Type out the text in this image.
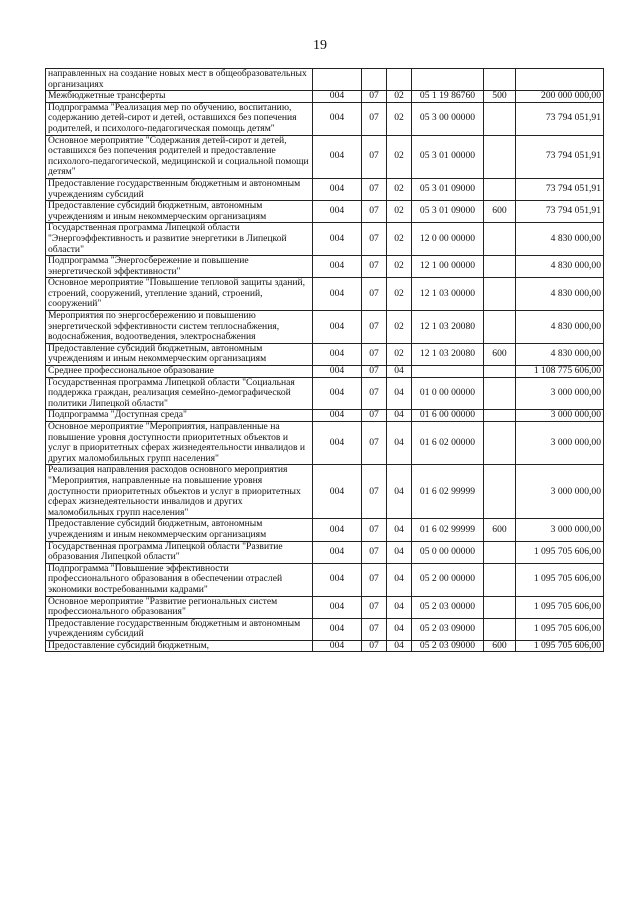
19
направленных на создание новых мест в общеобразовательных организациях						
Межбюджетные трансферты	004	07	02	05 1 19 86760	500	200 000 000,00
Подпрограмма "Реализация мер по обучению, воспитанию, содержанию детей-сирот и детей, оставшихся без попечения родителей, и психолого-педагогическая помощь детям"	004	07	02	05 3 00 00000		73 794 051,91
Основное мероприятие "Содержания детей-сирот и детей, оставшихся без попечения родителей и предоставление психолого-педагогической, медицинской и социальной помощи детям"	004	07	02	05 3 01 00000		73 794 051,91
Предоставление государственным бюджетным и автономным учреждениям субсидий	004	07	02	05 3 01 09000		73 794 051,91
Предоставление субсидий бюджетным, автономным учреждениям и иным некоммерческим организациям	004	07	02	05 3 01 09000	600	73 794 051,91
Государственная программа Липецкой области "Энергоэффективность и развитие энергетики в Липецкой области"	004	07	02	12 0 00 00000		4 830 000,00
Подпрограмма "Энергосбережение и повышение энергетической эффективности"	004	07	02	12 1 00 00000		4 830 000,00
Основное мероприятие "Повышение тепловой защиты зданий, строений, сооружений, утепление зданий, строений, сооружений"	004	07	02	12 1 03 00000		4 830 000,00
Мероприятия по энергосбережению и повышению энергетической эффективности систем теплоснабжения, водоснабжения, водоотведения, электроснабжения	004	07	02	12 1 03 20080		4 830 000,00
Предоставление субсидий бюджетным, автономным учреждениям и иным некоммерческим организациям	004	07	02	12 1 03 20080	600	4 830 000,00
Среднее профессиональное образование	004	07	04			1 108 775 606,00
Государственная программа Липецкой области "Социальная поддержка граждан, реализация семейно-демографической политики Липецкой области"	004	07	04	01 0 00 00000		3 000 000,00
Подпрограмма "Доступная среда"	004	07	04	01 6 00 00000		3 000 000,00
Основное мероприятие "Мероприятия, направленные на повышение уровня доступности приоритетных объектов и услуг в приоритетных сферах жизнедеятельности инвалидов и других маломобильных групп населения"	004	07	04	01 6 02 00000		3 000 000,00
Реализация направления расходов основного мероприятия "Мероприятия, направленные на повышение уровня доступности приоритетных объектов и услуг в приоритетных сферах жизнедеятельности инвалидов и других маломобильных групп населения"	004	07	04	01 6 02 99999		3 000 000,00
Предоставление субсидий бюджетным, автономным учреждениям и иным некоммерческим организациям	004	07	04	01 6 02 99999	600	3 000 000,00
Государственная программа Липецкой области "Развитие образования Липецкой области"	004	07	04	05 0 00 00000		1 095 705 606,00
Подпрограмма "Повышение эффективности профессионального образования в обеспечении отраслей экономики востребованными кадрами"	004	07	04	05 2 00 00000		1 095 705 606,00
Основное мероприятие "Развитие региональных систем профессионального образования"	004	07	04	05 2 03 00000		1 095 705 606,00
Предоставление государственным бюджетным и автономным учреждениям субсидий	004	07	04	05 2 03 09000		1 095 705 606,00
Предоставление субсидий бюджетным,	004	07	04	05 2 03 09000	600	1 095 705 606,00
